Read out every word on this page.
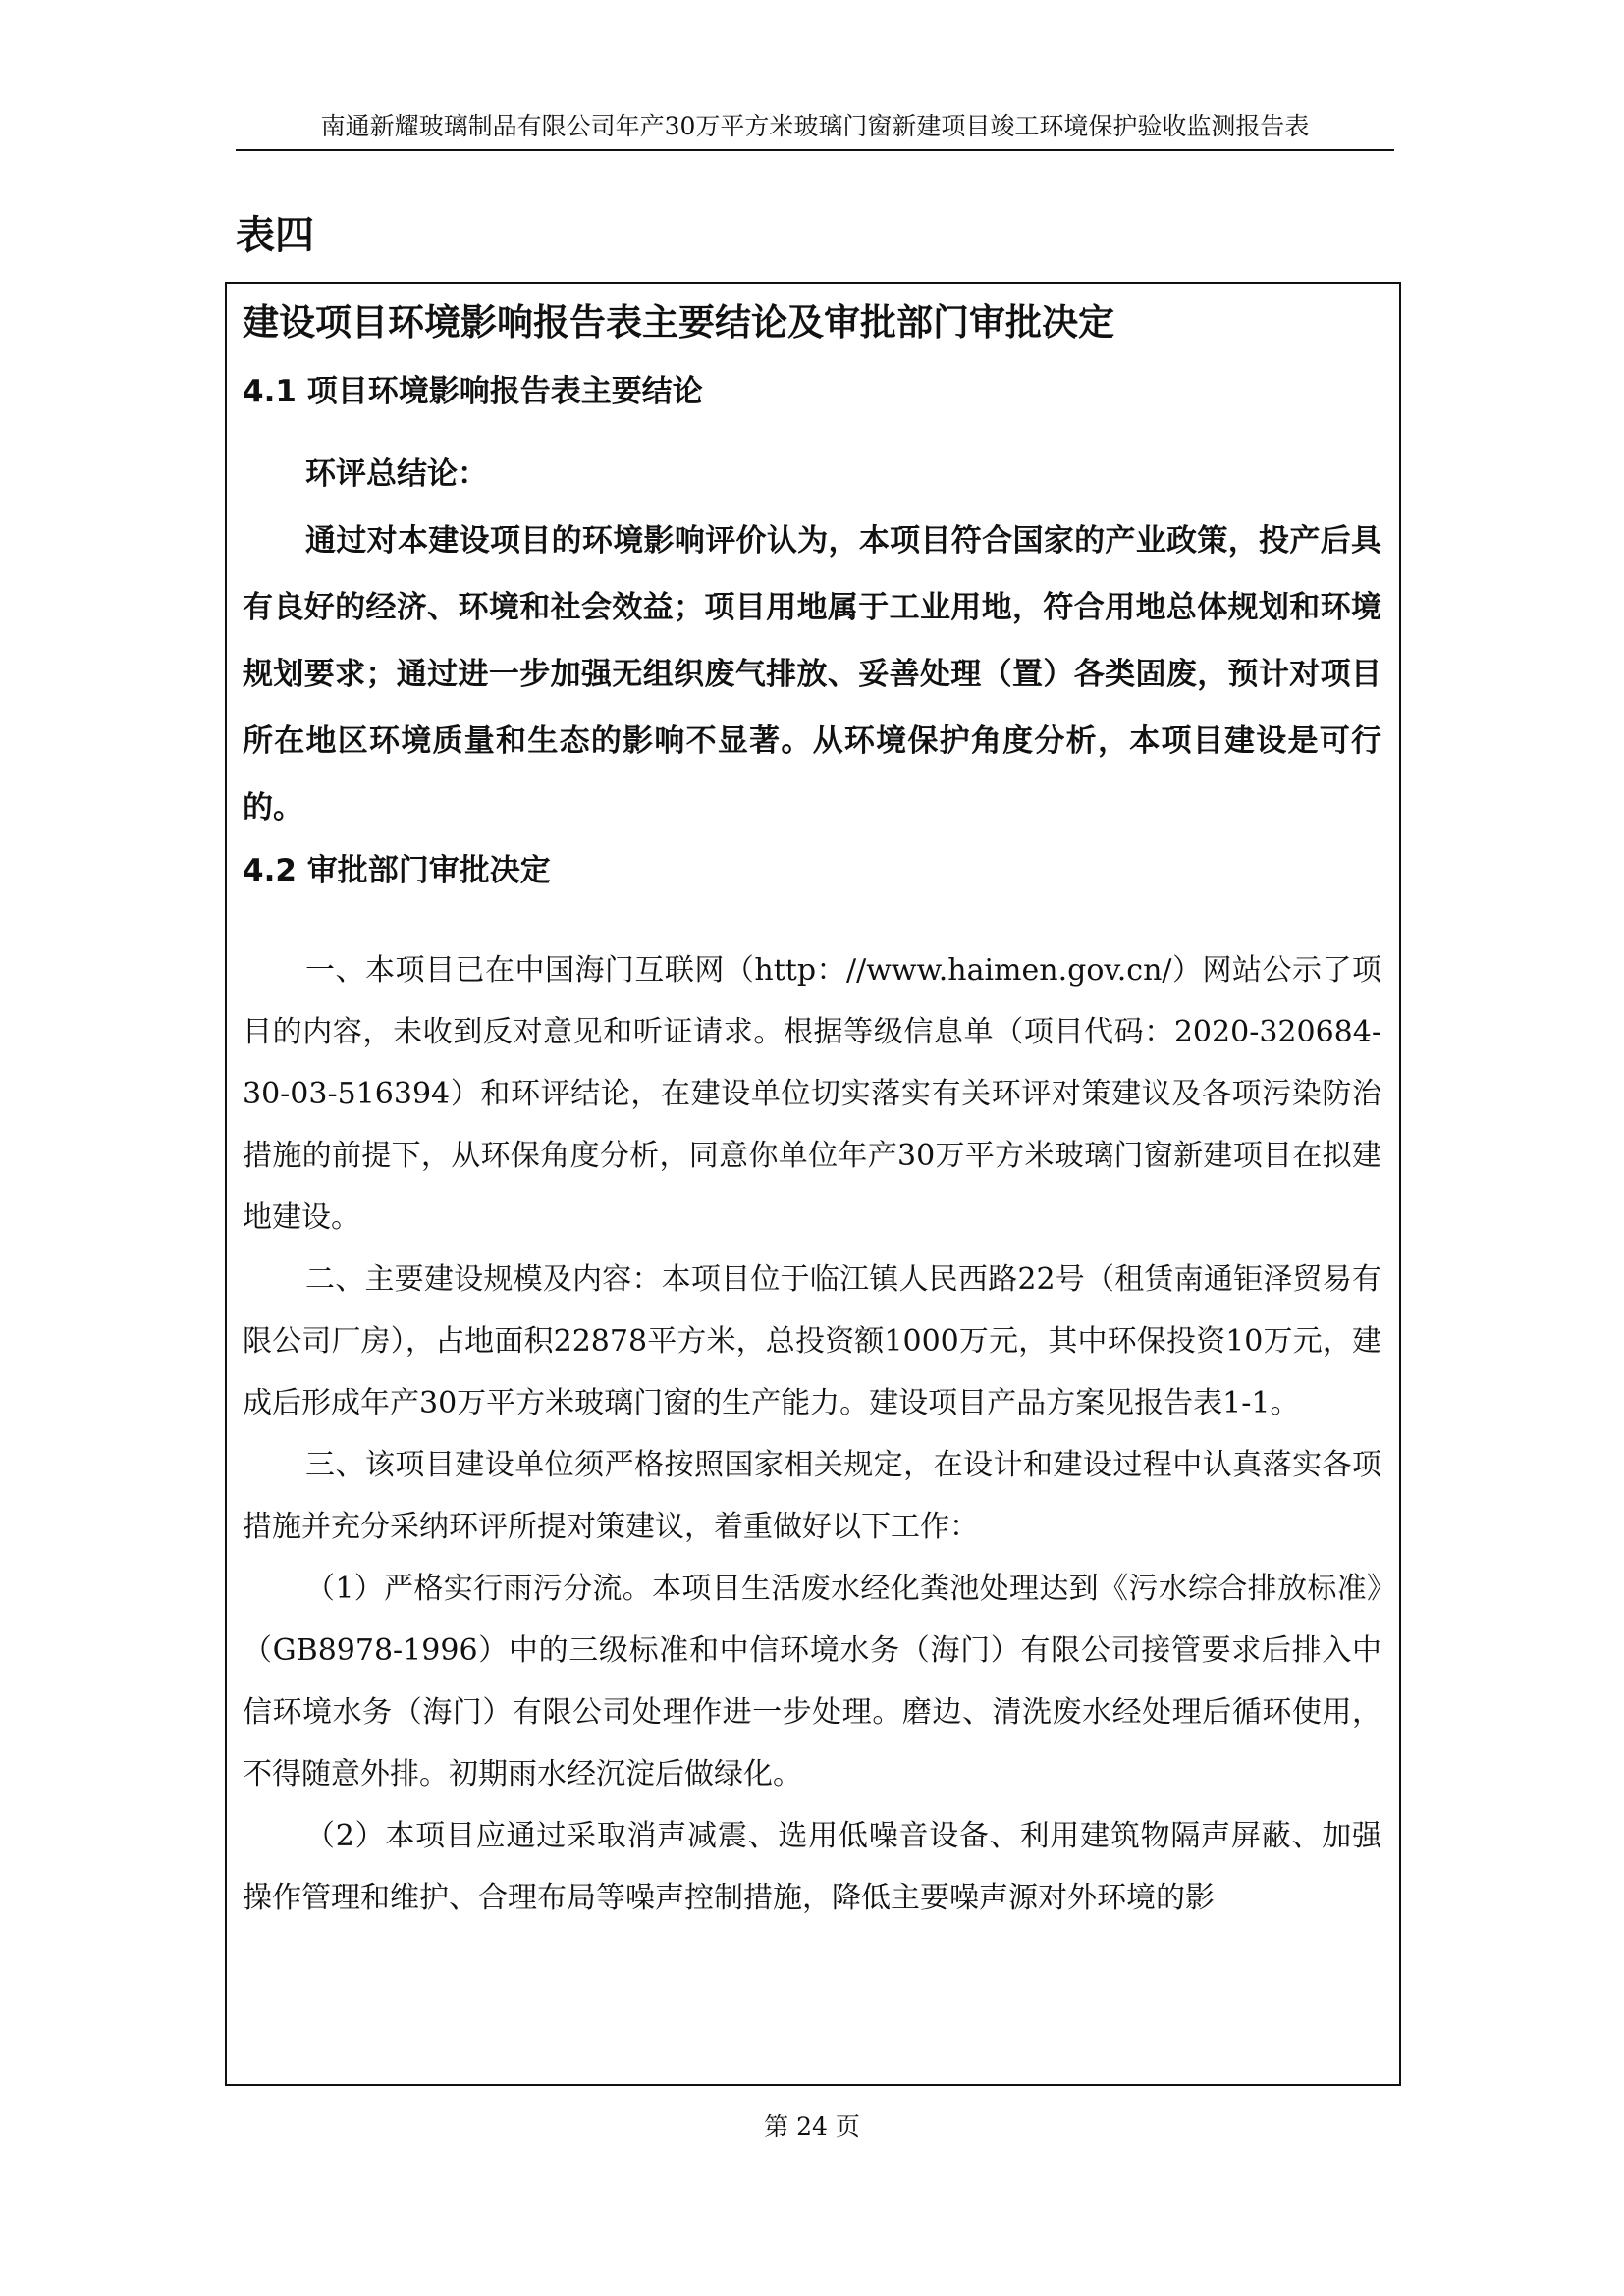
南通新耀玻璃制品有限公司年产30万平方米玻璃门窗新建项目竣工环境保护验收监测报告表
表四
建设项目环境影响报告表主要结论及审批部门审批决定

4.1 项目环境影响报告表主要结论

环评总结论：

通过对本建设项目的环境影响评价认为，本项目符合国家的产业政策，投产后具有良好的经济、环境和社会效益；项目用地属于工业用地，符合用地总体规划和环境规划要求；通过进一步加强无组织废气排放、妥善处理（置）各类固废，预计对项目所在地区环境质量和生态的影响不显著。从环境保护角度分析，本项目建设是可行的。

4.2 审批部门审批决定

一、本项目已在中国海门互联网（http：//www.haimen.gov.cn/）网站公示了项目的内容，未收到反对意见和听证请求。根据等级信息单（项目代码：2020-320684-30-03-516394）和环评结论，在建设单位切实落实有关环评对策建议及各项污染防治措施的前提下，从环保角度分析，同意你单位年产30万平方米玻璃门窗新建项目在拟建地建设。

二、主要建设规模及内容：本项目位于临江镇人民西路22号（租赁南通钜泽贸易有限公司厂房），占地面积22878平方米，总投资额1000万元，其中环保投资10万元，建成后形成年产30万平方米玻璃门窗的生产能力。建设项目产品方案见报告表1-1。

三、该项目建设单位须严格按照国家相关规定，在设计和建设过程中认真落实各项措施并充分采纳环评所提对策建议，着重做好以下工作：

（1）严格实行雨污分流。本项目生活废水经化粪池处理达到《污水综合排放标准》（GB8978-1996）中的三级标准和中信环境水务（海门）有限公司接管要求后排入中信环境水务（海门）有限公司处理作进一步处理。磨边、清洗废水经处理后循环使用，不得随意外排。初期雨水经沉淀后做绿化。

（2）本项目应通过采取消声减震、选用低噪音设备、利用建筑物隔声屏蔽、加强操作管理和维护、合理布局等噪声控制措施，降低主要噪声源对外环境的影

第 24 页
